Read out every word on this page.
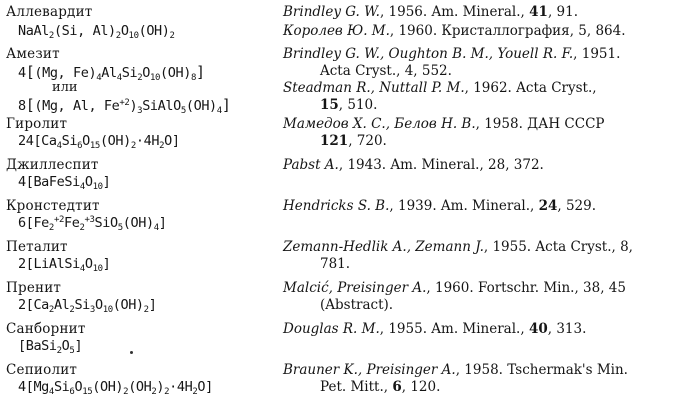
Аллевардит
NaAl$_2$(Si, $Al)_2O_{10}(OH)_2$
Brindley G. W., 1956. Am. Mineral., 41, 91.
Королев Ю. М., 1960. Кристаллография, 5, 864.
Амезит
4[(Mg, $Fe)_4Al_4Si_2O_{10}(OH)_8$]
или
8[(Mg, Al, $Fe^{+2})_3SiAlO_5(OH)_4$]
Brindley G. W., Oughton B. M., Youell R. F., 1951.
Acta Cryst., 4, 552.
Steadman R., Nuttall P. M., 1962. Acta Cryst.,
15, 510.
Гиролит
$24[Ca_4Si_6O_{15}(OH)_2\cdot 4H_2O]$
Мамедов Х. С., Белов Н. В., 1958. ДАН СССР
121, 720.
Джиллеспит
$4[BaFeSi_4O_{10}]$
Pabst A., 1943. Am. Mineral., 28, 372.
Кронстедтит
$6[Fe_2^{+2}Fe_2^{+3}SiO_5(OH)_4]$
Hendricks S. B., 1939. Am. Mineral., 24, 529.
Петалит
$2[LiAlSi_4O_{10}]$
Zemann-Hedlik A., Zemann J., 1955. Acta Cryst., 8,
781.
Пренит
$2[Ca_2Al_2Si_3O_{10}(OH)_2]$
Malcić, Preisinger A., 1960. Fortschr. Min., 38, 45
(Abstract).
Санборнит
$[BaSi_2O_5]$
Douglas R. M., 1955. Am. Mineral., 40, 313.
Сепиолит
$4[Mg_4Si_6O_{15}(OH)_2(OH_2)_2\cdot 4H_2O]$
Brauner K., Preisinger A., 1958. Tschermak's Min.
Pet. Mitt., 6, 120.
